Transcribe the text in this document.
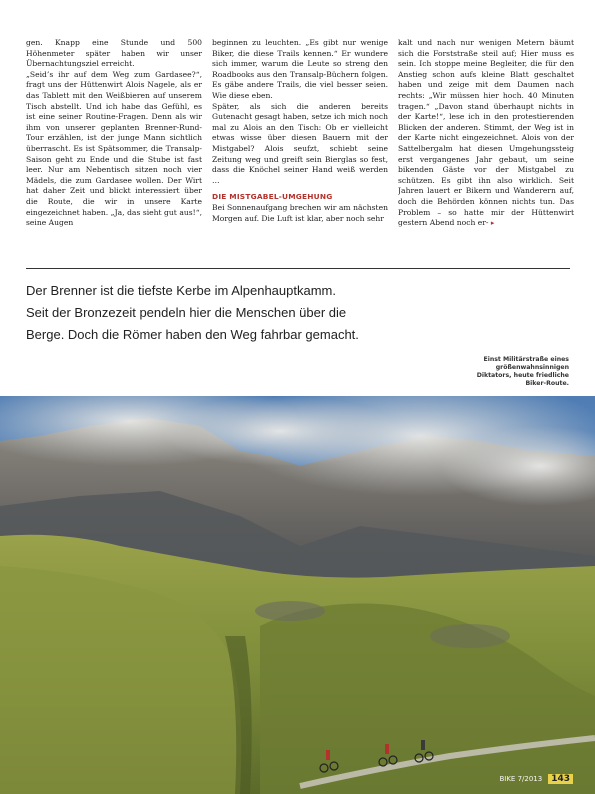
gen. Knapp eine Stunde und 500 Höhenmeter später haben wir unser Übernachtungsziel erreicht.

„Seid’s ihr auf dem Weg zum Gardasee?“, fragt uns der Hüttenwirt Alois Nagele, als er das Tablett mit den Weißbieren auf unserem Tisch abstellt. Und ich habe das Gefühl, es ist eine seiner Routine-Fragen. Denn als wir ihm von unserer geplanten Brenner-Rund-Tour erzählen, ist der junge Mann sichtlich überrascht. Es ist Spätsommer, die Transalp-Saison geht zu Ende und die Stube ist fast leer. Nur am Nebentisch sitzen noch vier Mädels, die zum Gardasee wollen. Der Wirt hat daher Zeit und blickt interessiert über die Route, die wir in unsere Karte eingezeichnet haben. „Ja, das sieht gut aus!“, seine Augen

beginnen zu leuchten. „Es gibt nur wenige Biker, die diese Trails kennen.“ Er wundere sich immer, warum die Leute so streng den Roadbooks aus den Transalp-Büchern folgen. Es gäbe andere Trails, die viel besser seien. Wie diese eben.

Später, als sich die anderen bereits Gutenacht gesagt haben, setze ich mich noch mal zu Alois an den Tisch: Ob er vielleicht etwas wisse über diesen Bauern mit der Mistgabel? Alois seufzt, schiebt seine Zeitung weg und greift sein Bierglas so fest, dass die Knöchel seiner Hand weiß werden …

DIE MISTGABEL-UMGEHUNG

Bei Sonnenaufgang brechen wir am nächsten Morgen auf. Die Luft ist klar, aber noch sehr

kalt und nach nur wenigen Metern bäumt sich die Forststraße steil auf; Hier muss es sein. Ich stoppe meine Begleiter, die für den Anstieg schon aufs kleine Blatt geschaltet haben und zeige mit dem Daumen nach rechts: „Wir müssen hier hoch. 40 Minuten tragen.“ „Davon stand überhaupt nichts in der Karte!“, lese ich in den protestierenden Blicken der anderen. Stimmt, der Weg ist in der Karte nicht eingezeichnet. Alois von der Sattelbergalm hat diesen Umgehungssteig erst vergangenes Jahr gebaut, um seine bikenden Gäste vor der Mistgabel zu schützen. Es gibt ihn also wirklich. Seit Jahren lauert er Bikern und Wanderern auf, doch die Behörden können nichts tun. Das Problem – so hatte mir der Hüttenwirt gestern Abend noch er- ▸

Der Brenner ist die tiefste Kerbe im Alpenhauptkamm.

Seit der Bronzezeit pendeln hier die Menschen über die

Berge. Doch die Römer haben den Weg fahrbar gemacht.

Einst Militärstraße eines
größenwahnsinnigen
Diktators, heute friedliche
Biker-Route.
BIKE 7/2013	143
